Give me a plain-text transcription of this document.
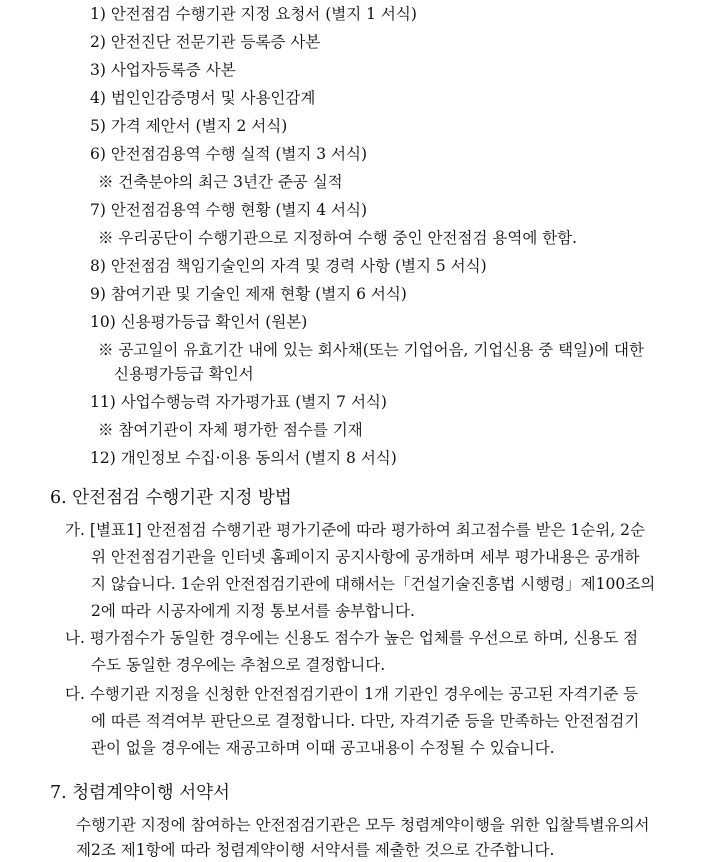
1) 안전점검 수행기관 지정 요청서 (별지 1 서식)
2) 안전진단 전문기관 등록증 사본
3) 사업자등록증 사본
4) 법인인감증명서 및 사용인감계
5) 가격 제안서 (별지 2 서식)
6) 안전점검용역 수행 실적 (별지 3 서식)
※ 건축분야의 최근 3년간 준공 실적
7) 안전점검용역 수행 현황 (별지 4 서식)
※ 우리공단이 수행기관으로 지정하여 수행 중인 안전점검 용역에 한함.
8) 안전점검 책임기술인의 자격 및 경력 사항 (별지 5 서식)
9) 참여기관 및 기술인 제재 현황 (별지 6 서식)
10) 신용평가등급 확인서 (원본)
※ 공고일이 유효기간 내에 있는 회사채(또는 기업어음, 기업신용 중 택일)에 대한
신용평가등급 확인서
11) 사업수행능력 자가평가표 (별지 7 서식)
※ 참여기관이 자체 평가한 점수를 기재
12) 개인정보 수집·이용 동의서 (별지 8 서식)
6. 안전점검 수행기관 지정 방법
가. [별표1] 안전점검 수행기관 평가기준에 따라 평가하여 최고점수를 받은 1순위, 2순
위 안전점검기관을 인터넷 홈페이지 공지사항에 공개하며 세부 평가내용은 공개하
지 않습니다. 1순위 안전점검기관에 대해서는「건설기술진흥법 시행령」제100조의
2에 따라 시공자에게 지정 통보서를 송부합니다.
나. 평가점수가 동일한 경우에는 신용도 점수가 높은 업체를 우선으로 하며, 신용도 점
수도 동일한 경우에는 추첨으로 결정합니다.
다. 수행기관 지정을 신청한 안전점검기관이 1개 기관인 경우에는 공고된 자격기준 등
에 따른 적격여부 판단으로 결정합니다. 다만, 자격기준 등을 만족하는 안전점검기
관이 없을 경우에는 재공고하며 이때 공고내용이 수정될 수 있습니다.
7. 청렴계약이행 서약서
수행기관 지정에 참여하는 안전점검기관은 모두 청렴계약이행을 위한 입찰특별유의서
제2조 제1항에 따라 청렴계약이행 서약서를 제출한 것으로 간주합니다.
